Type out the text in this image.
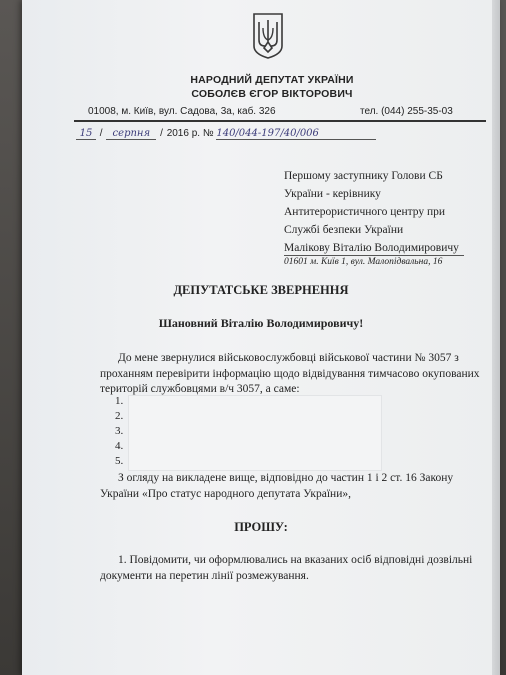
НАРОДНИЙ ДЕПУТАТ УКРАЇНИ
СОБОЛЄВ ЄГОР ВІКТОРОВИЧ
01008, м. Київ, вул. Садова, 3а, каб. 326	тел. (044) 255-35-03
15 / серпня / 2016 р. № 140/044-197/40/006
Першому заступнику Голови СБ
України - керівнику
Антитерористичного центру при
Службі безпеки України
Малікову Віталію Володимировичу
01601 м. Київ 1, вул. Малопідвальна, 16
ДЕПУТАТСЬКЕ ЗВЕРНЕННЯ
Шановний Віталію Володимировичу!
До мене звернулися військовослужбовці військової частини № 3057 з
проханням перевірити інформацію щодо відвідування тимчасово окупованих
територій службовцями в/ч 3057, а саме:
1.
2.
3.
4.
5.
З огляду на викладене вище, відповідно до частин 1 і 2 ст. 16 Закону
України «Про статус народного депутата України»,
ПРОШУ:
1. Повідомити, чи оформлювались на вказаних осіб відповідні дозвільні
документи на перетин лінії розмежування.
